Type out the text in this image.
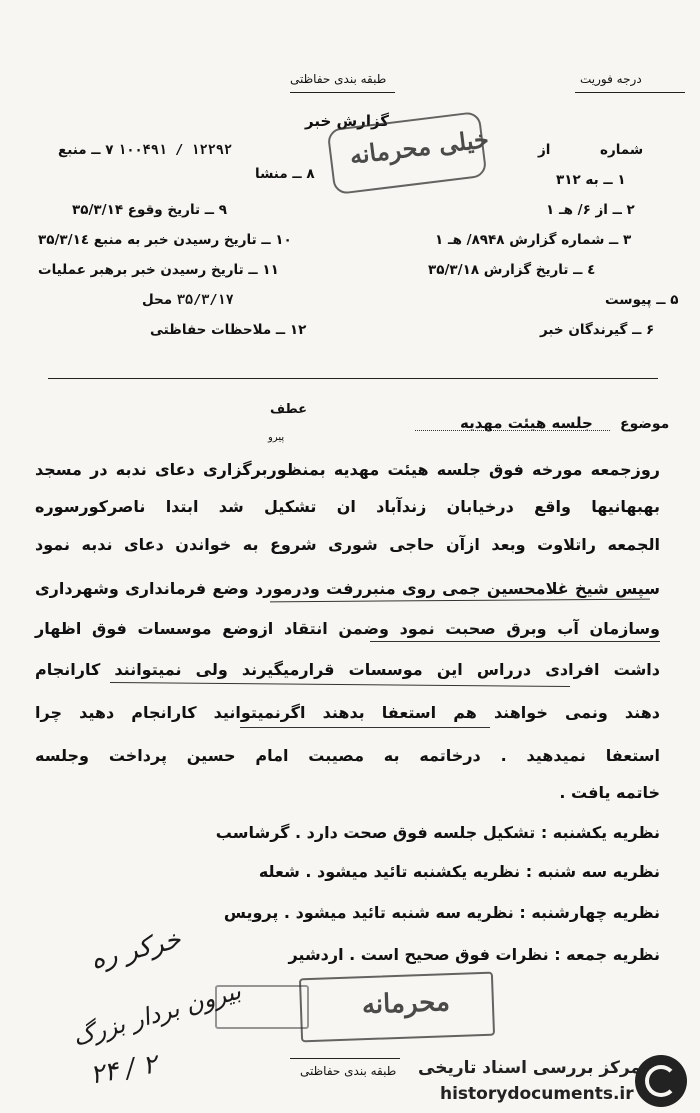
طبقه بندی حفاظتی	درجه فوریت
گزارش خبر
خیلی محرمانه
۱۲۲۹۲ / ۱۰۰۴۹۱ ۷ ــ منبع
۸ ــ منشا
۹ ــ تاریخ وقوع ۳۵/۳/۱۴
۱۰ ــ تاریخ رسیدن خبر به منبع ۳۵/۳/۱٤
۱۱ ــ تاریخ رسیدن خبر برهبر عملیات
۳۵/۳/۱۷ محل
۱۲ ــ ملاحظات حفاظتی
شماره
از
۱ ــ به ۳۱۲
۲ ــ از ۶/ هـ ۱
۳ ــ شماره گزارش ۸۹۴۸/ هـ ۱
٤ ــ تاریخ گزارش ۳۵/۳/۱۸
۵ ــ پیوست
۶ ــ گیرندگان خبر
موضوع
جلسه هیئت مهدیه
عطف
پیرو
روزجمعه مورخه فوق جلسه هیئت مهدیه بمنظوربرگزاری دعای ندبه در مسجد
بهبهانیها واقع درخیابان زندآباد ان تشکیل شد ابتدا ناصرکورسوره
الجمعه راتلاوت وبعد ازآن حاجی شوری شروع به خواندن دعای ندبه نمود
سپس شیخ غلامحسین جمی روی منبررفت ودرمورد وضع فرمانداری وشهرداری
وسازمان آب وبرق صحبت نمود وضمن انتقاد ازوضع موسسات فوق اظهار
داشت افرادی درراس این موسسات قرارمیگیرند ولی نمیتوانند کارانجام
دهند ونمی خواهند هم استعفا بدهند اگرنمیتوانید کارانجام دهید چرا
استعفا نمیدهید . درخاتمه به مصیبت امام حسین پرداخت وجلسه
خاتمه یافت .
نظریه یکشنبه : تشکیل جلسه فوق صحت دارد . گرشاسب
نظریه سه شنبه : نظریه یکشنبه تائید میشود . شعله
نظریه چهارشنبه : نظریه سه شنبه تائید میشود . پرویس
نظریه جمعه : نظرات فوق صحیح است . اردشیر
محرمانه
خرکر ره
بیرون بردار بزرگ
۲۴ / ۲	طبقه بندی حفاظتی مرکز بررسی اسناد تاریخی
historydocuments.ir
